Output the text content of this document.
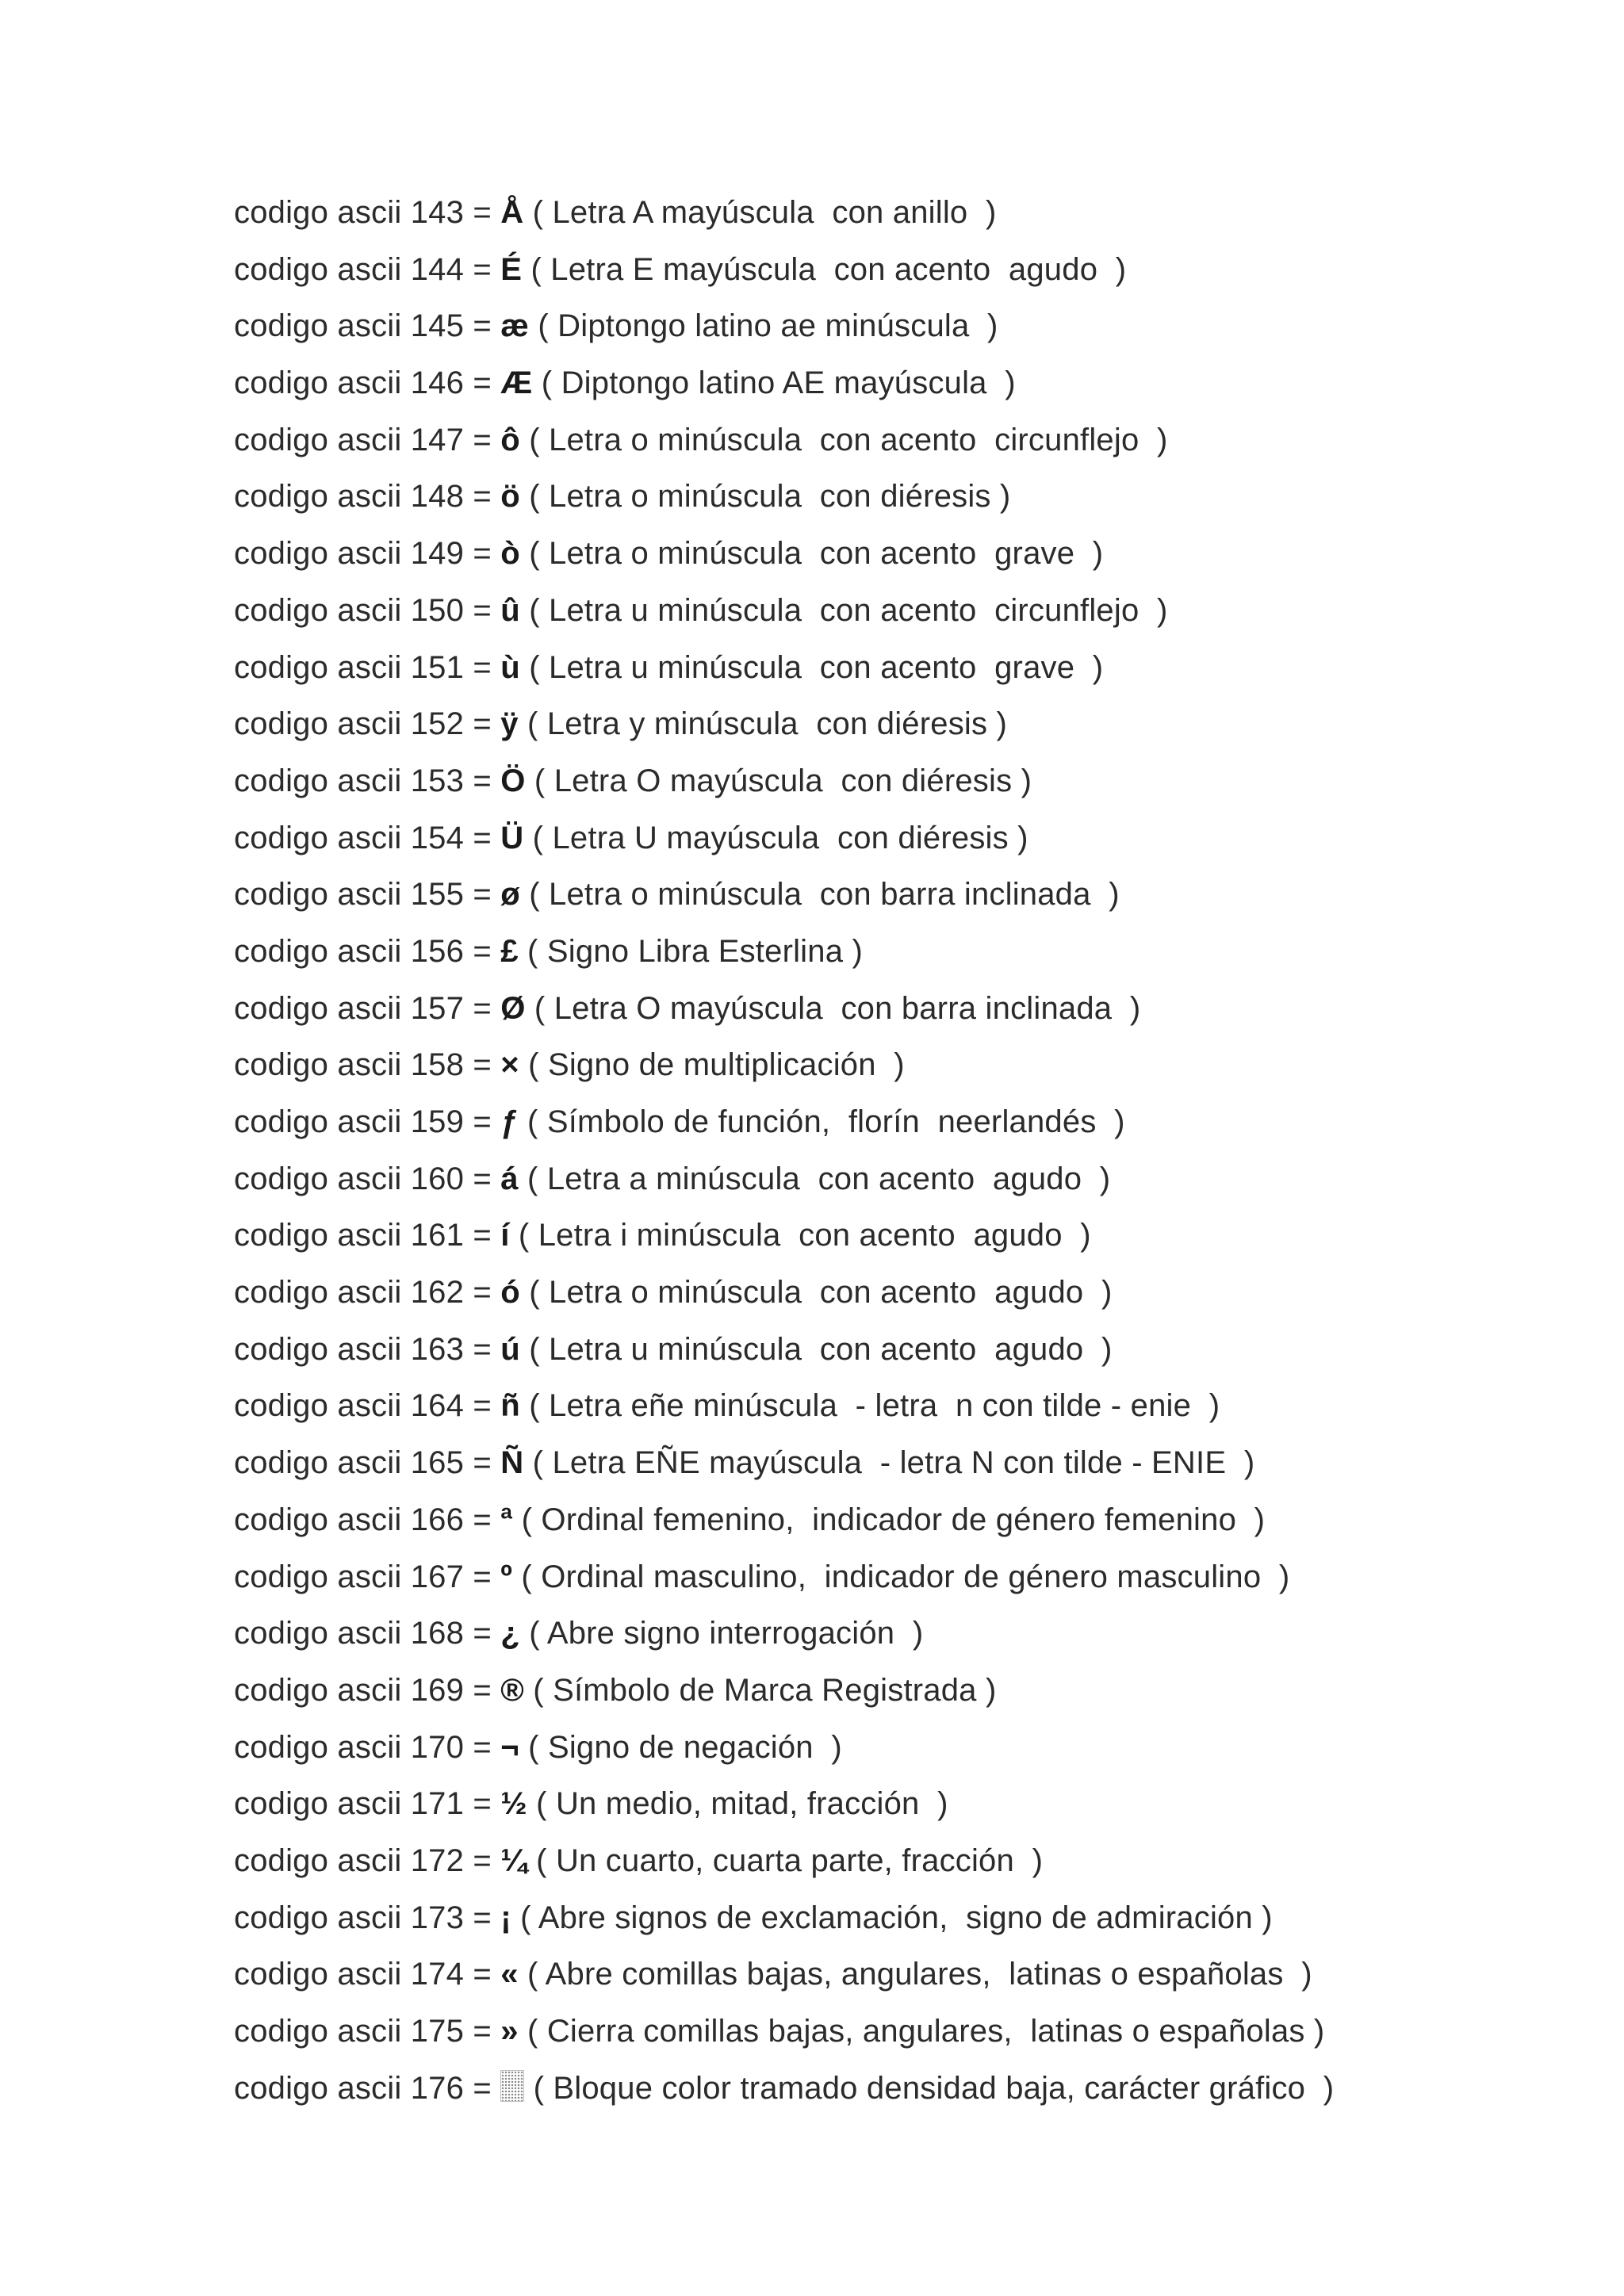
codigo ascii 143 = Å ( Letra A mayúscula  con anillo  )
codigo ascii 144 = É ( Letra E mayúscula  con acento  agudo  )
codigo ascii 145 = æ ( Diptongo latino ae minúscula  )
codigo ascii 146 = Æ ( Diptongo latino AE mayúscula  )
codigo ascii 147 = ô ( Letra o minúscula  con acento  circunflejo  )
codigo ascii 148 = ö ( Letra o minúscula  con diéresis )
codigo ascii 149 = ò ( Letra o minúscula  con acento  grave  )
codigo ascii 150 = û ( Letra u minúscula  con acento  circunflejo  )
codigo ascii 151 = ù ( Letra u minúscula  con acento  grave  )
codigo ascii 152 = ÿ ( Letra y minúscula  con diéresis )
codigo ascii 153 = Ö ( Letra O mayúscula  con diéresis )
codigo ascii 154 = Ü ( Letra U mayúscula  con diéresis )
codigo ascii 155 = ø ( Letra o minúscula  con barra inclinada  )
codigo ascii 156 = £ ( Signo Libra Esterlina )
codigo ascii 157 = Ø ( Letra O mayúscula  con barra inclinada  )
codigo ascii 158 = × ( Signo de multiplicación  )
codigo ascii 159 = ƒ ( Símbolo de función,  florín  neerlandés  )
codigo ascii 160 = á ( Letra a minúscula  con acento  agudo  )
codigo ascii 161 = í ( Letra i minúscula  con acento  agudo  )
codigo ascii 162 = ó ( Letra o minúscula  con acento  agudo  )
codigo ascii 163 = ú ( Letra u minúscula  con acento  agudo  )
codigo ascii 164 = ñ ( Letra eñe minúscula  - letra  n con tilde - enie  )
codigo ascii 165 = Ñ ( Letra EÑE mayúscula  - letra N con tilde - ENIE  )
codigo ascii 166 = ª ( Ordinal femenino,  indicador de género femenino  )
codigo ascii 167 = º ( Ordinal masculino,  indicador de género masculino  )
codigo ascii 168 = ¿ ( Abre signo interrogación  )
codigo ascii 169 = ® ( Símbolo de Marca Registrada )
codigo ascii 170 = ¬ ( Signo de negación  )
codigo ascii 171 = ½ ( Un medio, mitad, fracción  )
codigo ascii 172 = ¼ ( Un cuarto, cuarta parte, fracción  )
codigo ascii 173 = ¡ ( Abre signos de exclamación,  signo de admiración )
codigo ascii 174 = « ( Abre comillas bajas, angulares,  latinas o españolas  )
codigo ascii 175 = » ( Cierra comillas bajas, angulares,  latinas o españolas )
codigo ascii 176 =  ( Bloque color tramado densidad baja, carácter gráfico  )
